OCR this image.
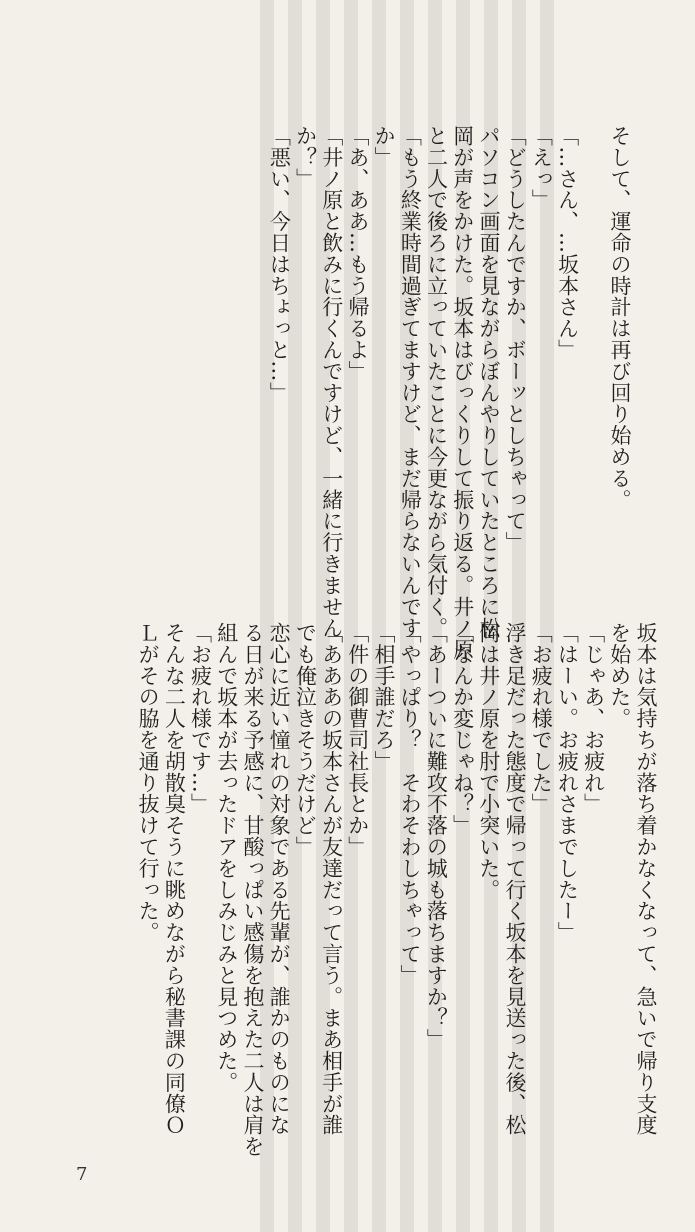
そして、運命の時計は再び回り始める。

「…さん、…坂本さん」
「えっ」
「どうしたんですか、ボーッとしちゃって」
パソコン画面を見ながらぼんやりしていたところに松
岡が声をかけた。坂本はびっくりして振り返る。井ノ原
と二人で後ろに立っていたことに今更ながら気付く。
「もう終業時間過ぎてますけど、まだ帰らないんです
か」
「あ、ああ…もう帰るよ」
「井ノ原と飲みに行くんですけど、一緒に行きません
か？」
「悪い、今日はちょっと…」
坂本は気持ちが落ち着かなくなって、急いで帰り支度
を始めた。
「じゃあ、お疲れ」
「はーい。お疲れさまでしたー」
「お疲れ様でした」
浮き足だった態度で帰って行く坂本を見送った後、松
岡は井ノ原を肘で小突いた。
「なんか変じゃね？」
「あーついに難攻不落の城も落ちますか？」
「やっぱり？　そわそわしちゃって」
「相手誰だろ」
「件の御曹司社長とか」
「あああの坂本さんが友達だって言う。まあ相手が誰
でも俺泣きそうだけど」
恋心に近い憧れの対象である先輩が、誰かのものにな
る日が来る予感に、甘酸っぱい感傷を抱えた二人は肩を
組んで坂本が去ったドアをしみじみと見つめた。
「お疲れ様です…」
そんな二人を胡散臭そうに眺めながら秘書課の同僚Ｏ
Ｌがその脇を通り抜けて行った。
7
